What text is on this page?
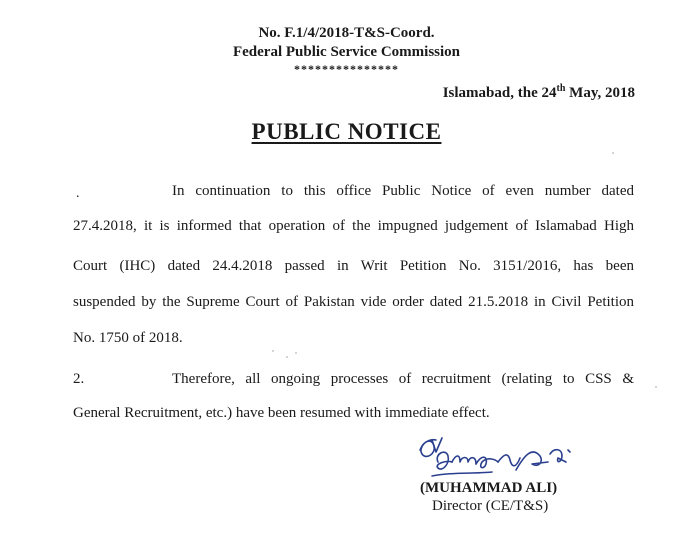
No. F.1/4/2018-T&S-Coord.
Federal Public Service Commission
***************
Islamabad, the 24th May, 2018
PUBLIC NOTICE
.	In continuation to this office Public Notice of even number dated
27.4.2018, it is informed that operation of the impugned judgement of Islamabad High
Court (IHC) dated 24.4.2018 passed in Writ Petition No. 3151/2016, has been
suspended by the Supreme Court of Pakistan vide order dated 21.5.2018 in Civil Petition
No. 1750 of 2018.
2.	Therefore, all ongoing processes of recruitment (relating to CSS &
General Recruitment, etc.) have been resumed with immediate effect.
(MUHAMMAD ALI)
Director (CE/T&S)
